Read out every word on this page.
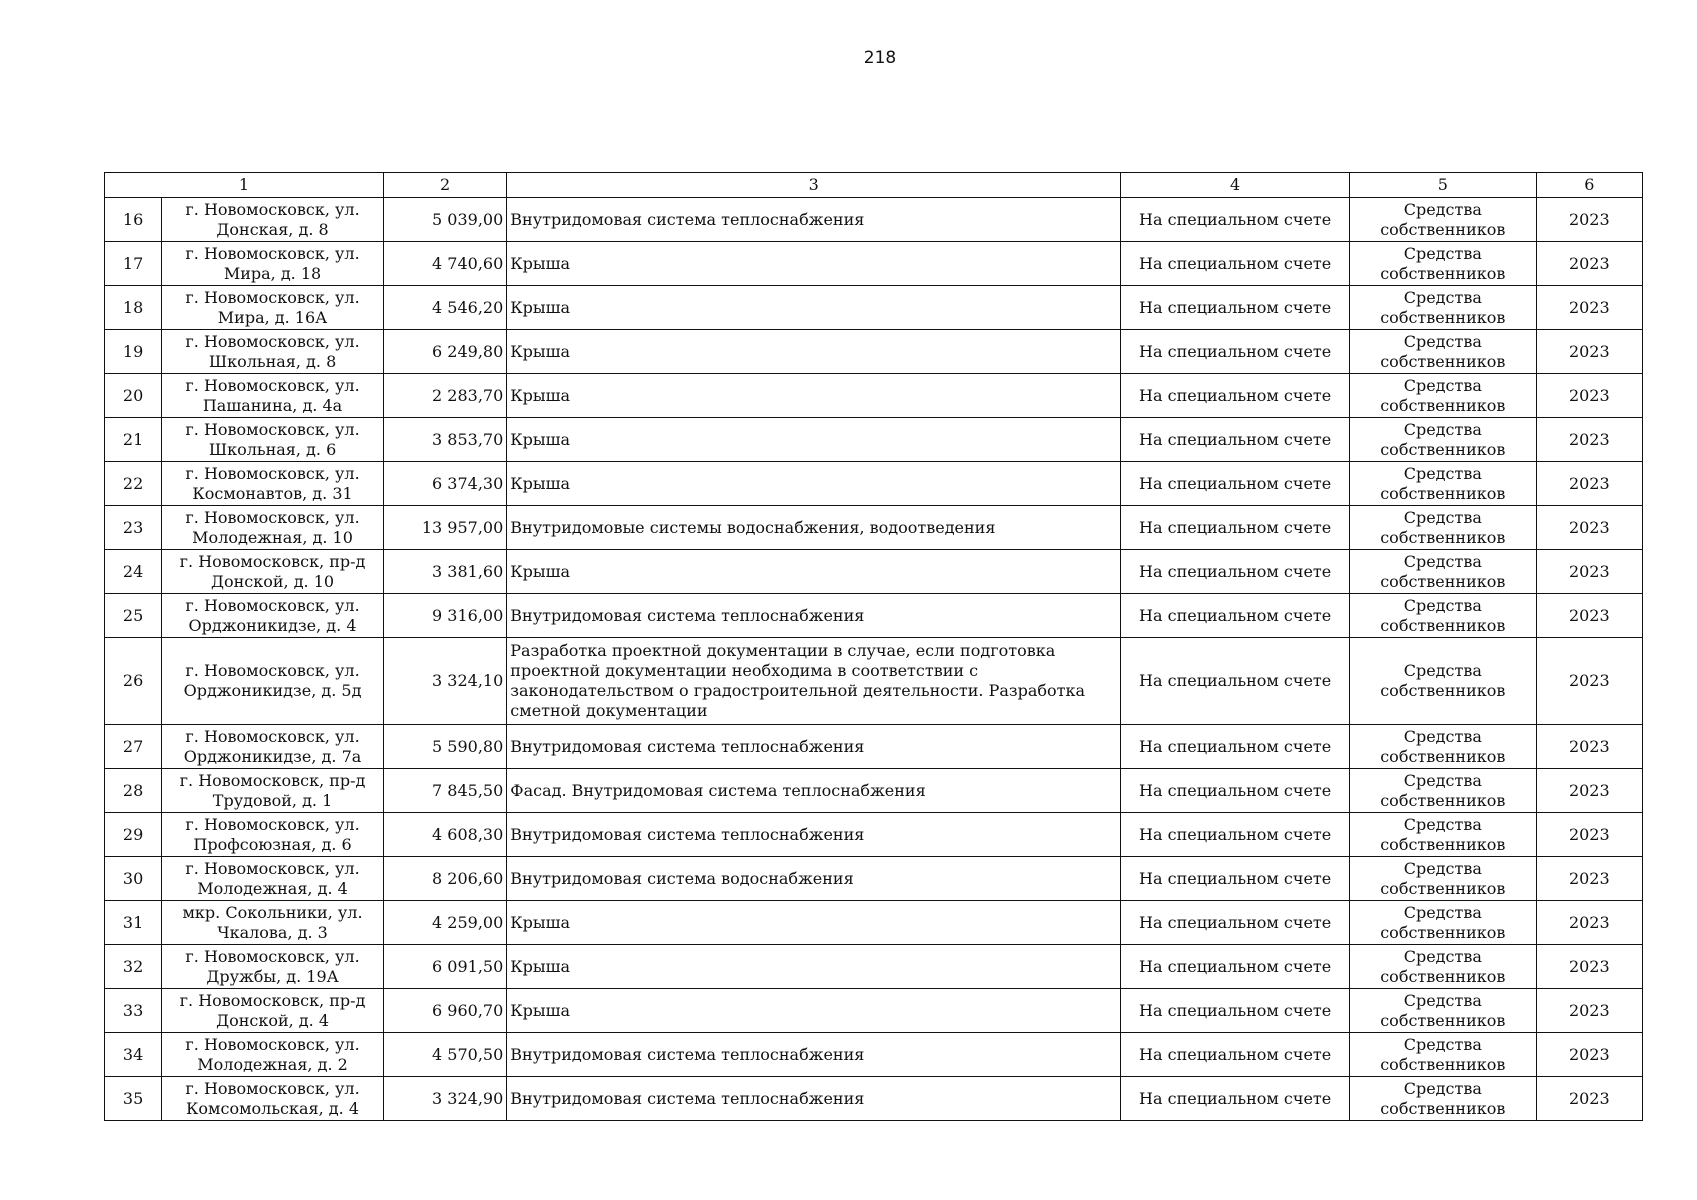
218
1		2	3	4	5	6
16	г. Новомосковск, ул. Донская, д. 8	5 039,00	Внутридомовая система теплоснабжения	На специальном счете	Средства собственников	2023
17	г. Новомосковск, ул. Мира, д. 18	4 740,60	Крыша	На специальном счете	Средства собственников	2023
18	г. Новомосковск, ул. Мира, д. 16А	4 546,20	Крыша	На специальном счете	Средства собственников	2023
19	г. Новомосковск, ул. Школьная, д. 8	6 249,80	Крыша	На специальном счете	Средства собственников	2023
20	г. Новомосковск, ул. Пашанина, д. 4а	2 283,70	Крыша	На специальном счете	Средства собственников	2023
21	г. Новомосковск, ул. Школьная, д. 6	3 853,70	Крыша	На специальном счете	Средства собственников	2023
22	г. Новомосковск, ул. Космонавтов, д. 31	6 374,30	Крыша	На специальном счете	Средства собственников	2023
23	г. Новомосковск, ул. Молодежная, д. 10	13 957,00	Внутридомовые системы водоснабжения, водоотведения	На специальном счете	Средства собственников	2023
24	г. Новомосковск, пр-д Донской, д. 10	3 381,60	Крыша	На специальном счете	Средства собственников	2023
25	г. Новомосковск, ул. Орджоникидзе, д. 4	9 316,00	Внутридомовая система теплоснабжения	На специальном счете	Средства собственников	2023
26	г. Новомосковск, ул. Орджоникидзе, д. 5д	3 324,10	Разработка проектной документации в случае, если подготовка проектной документации необходима в соответствии с законодательством о градостроительной деятельности. Разработка сметной документации	На специальном счете	Средства собственников	2023
27	г. Новомосковск, ул. Орджоникидзе, д. 7а	5 590,80	Внутридомовая система теплоснабжения	На специальном счете	Средства собственников	2023
28	г. Новомосковск, пр-д Трудовой, д. 1	7 845,50	Фасад. Внутридомовая система теплоснабжения	На специальном счете	Средства собственников	2023
29	г. Новомосковск, ул. Профсоюзная, д. 6	4 608,30	Внутридомовая система теплоснабжения	На специальном счете	Средства собственников	2023
30	г. Новомосковск, ул. Молодежная, д. 4	8 206,60	Внутридомовая система водоснабжения	На специальном счете	Средства собственников	2023
31	мкр. Сокольники, ул. Чкалова, д. 3	4 259,00	Крыша	На специальном счете	Средства собственников	2023
32	г. Новомосковск, ул. Дружбы, д. 19А	6 091,50	Крыша	На специальном счете	Средства собственников	2023
33	г. Новомосковск, пр-д Донской, д. 4	6 960,70	Крыша	На специальном счете	Средства собственников	2023
34	г. Новомосковск, ул. Молодежная, д. 2	4 570,50	Внутридомовая система теплоснабжения	На специальном счете	Средства собственников	2023
35	г. Новомосковск, ул. Комсомольская, д. 4	3 324,90	Внутридомовая система теплоснабжения	На специальном счете	Средства собственников	2023
